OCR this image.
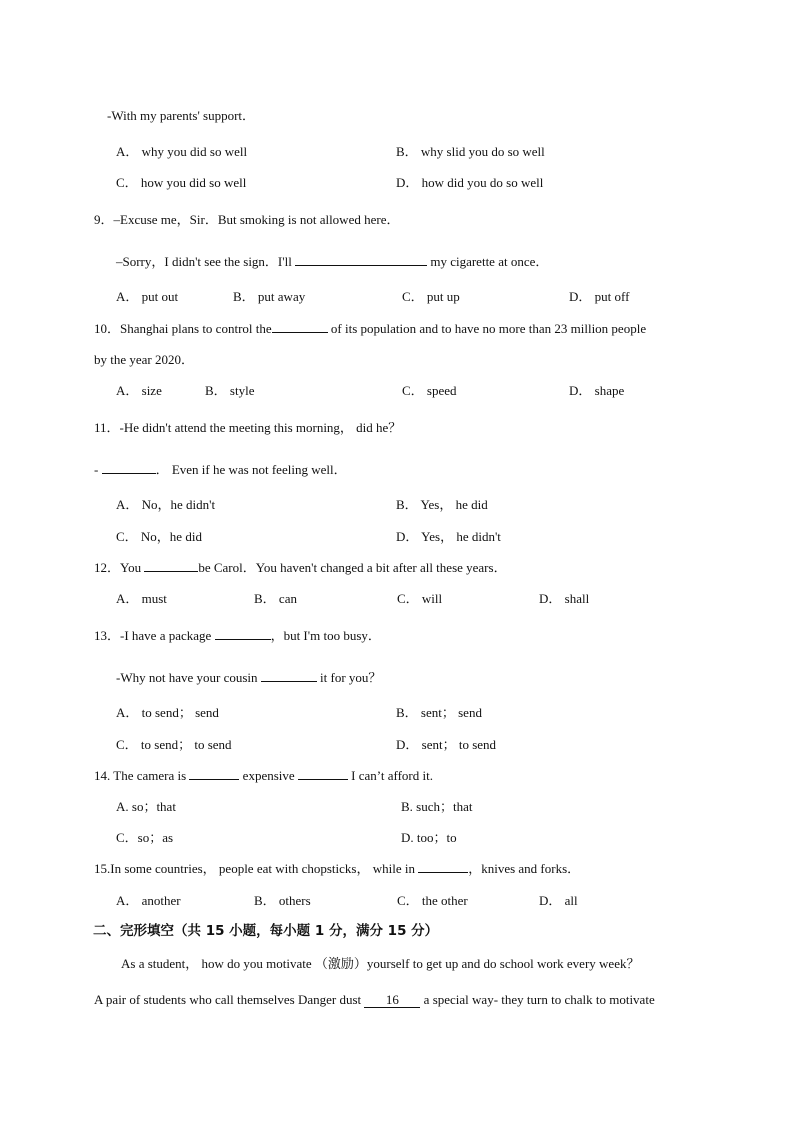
-With my parents' support．
A． why you did so well	B． why slid you do so well
C． how you did so well	D． how did you do so well
9．–Excuse me，Sir．But smoking is not allowed here．
–Sorry，I didn't see the sign．I'll	my cigarette at once．
A． put out	B． put away	C． put up	D． put off
10．Shanghai plans to control the	of its population and to have no more than 23 million people
by the year 2020．
A． size	B． style	C． speed	D． shape
11．-He didn't attend the meeting this morning， did he？
-	． Even if he was not feeling well．
A． No，he didn't	B． Yes， he did
C． No，he did	D． Yes， he didn't
12．You	be Carol．You haven't changed a bit after all these years．
A． must	B． can	C． will	D． shall
13．-I have a package	，but I'm too busy．
-Why not have your cousin	it for you？
A． to send； send	B． sent； send
C． to send； to send	D． sent； to send
14. The camera is	expensive	I can’t afford it.
A. so；that	B. such；that
C．so；as	D. too；to
15.In some countries， people eat with chopsticks， while in	，knives and forks．
A． another	B． others	C． the other	D． all
二、完形填空（共 15 小题，每小题 1 分，满分 15 分）
As a student， how do you motivate （激励）yourself to get up and do school work every week？
A pair of students who call themselves Danger dust 16 a special way- they turn to chalk to motivate
